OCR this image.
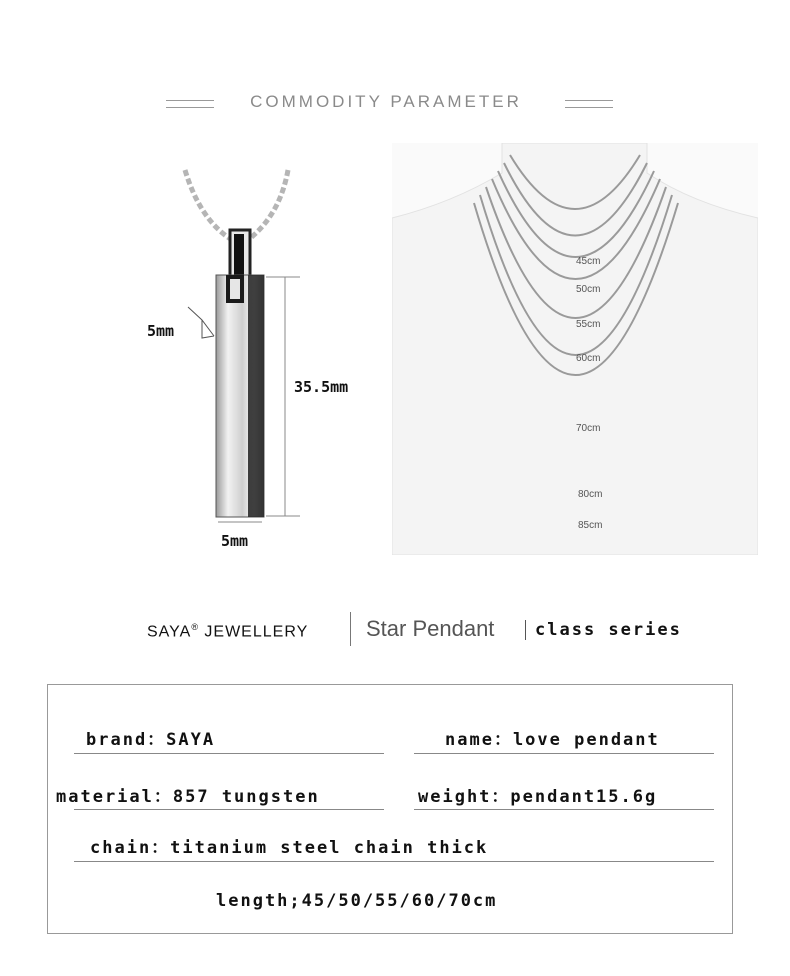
COMMODITY PARAMETER
5mm
35.5mm
5mm
45cm
50cm
55cm
60cm
70cm
80cm
85cm
SAYA® JEWELLERY	Star Pendant class series
brand：SAYA	name：love pendant
material：857 tungsten	weight：pendant15.6g
chain：titanium steel chain thick
length;45/50/55/60/70cm
